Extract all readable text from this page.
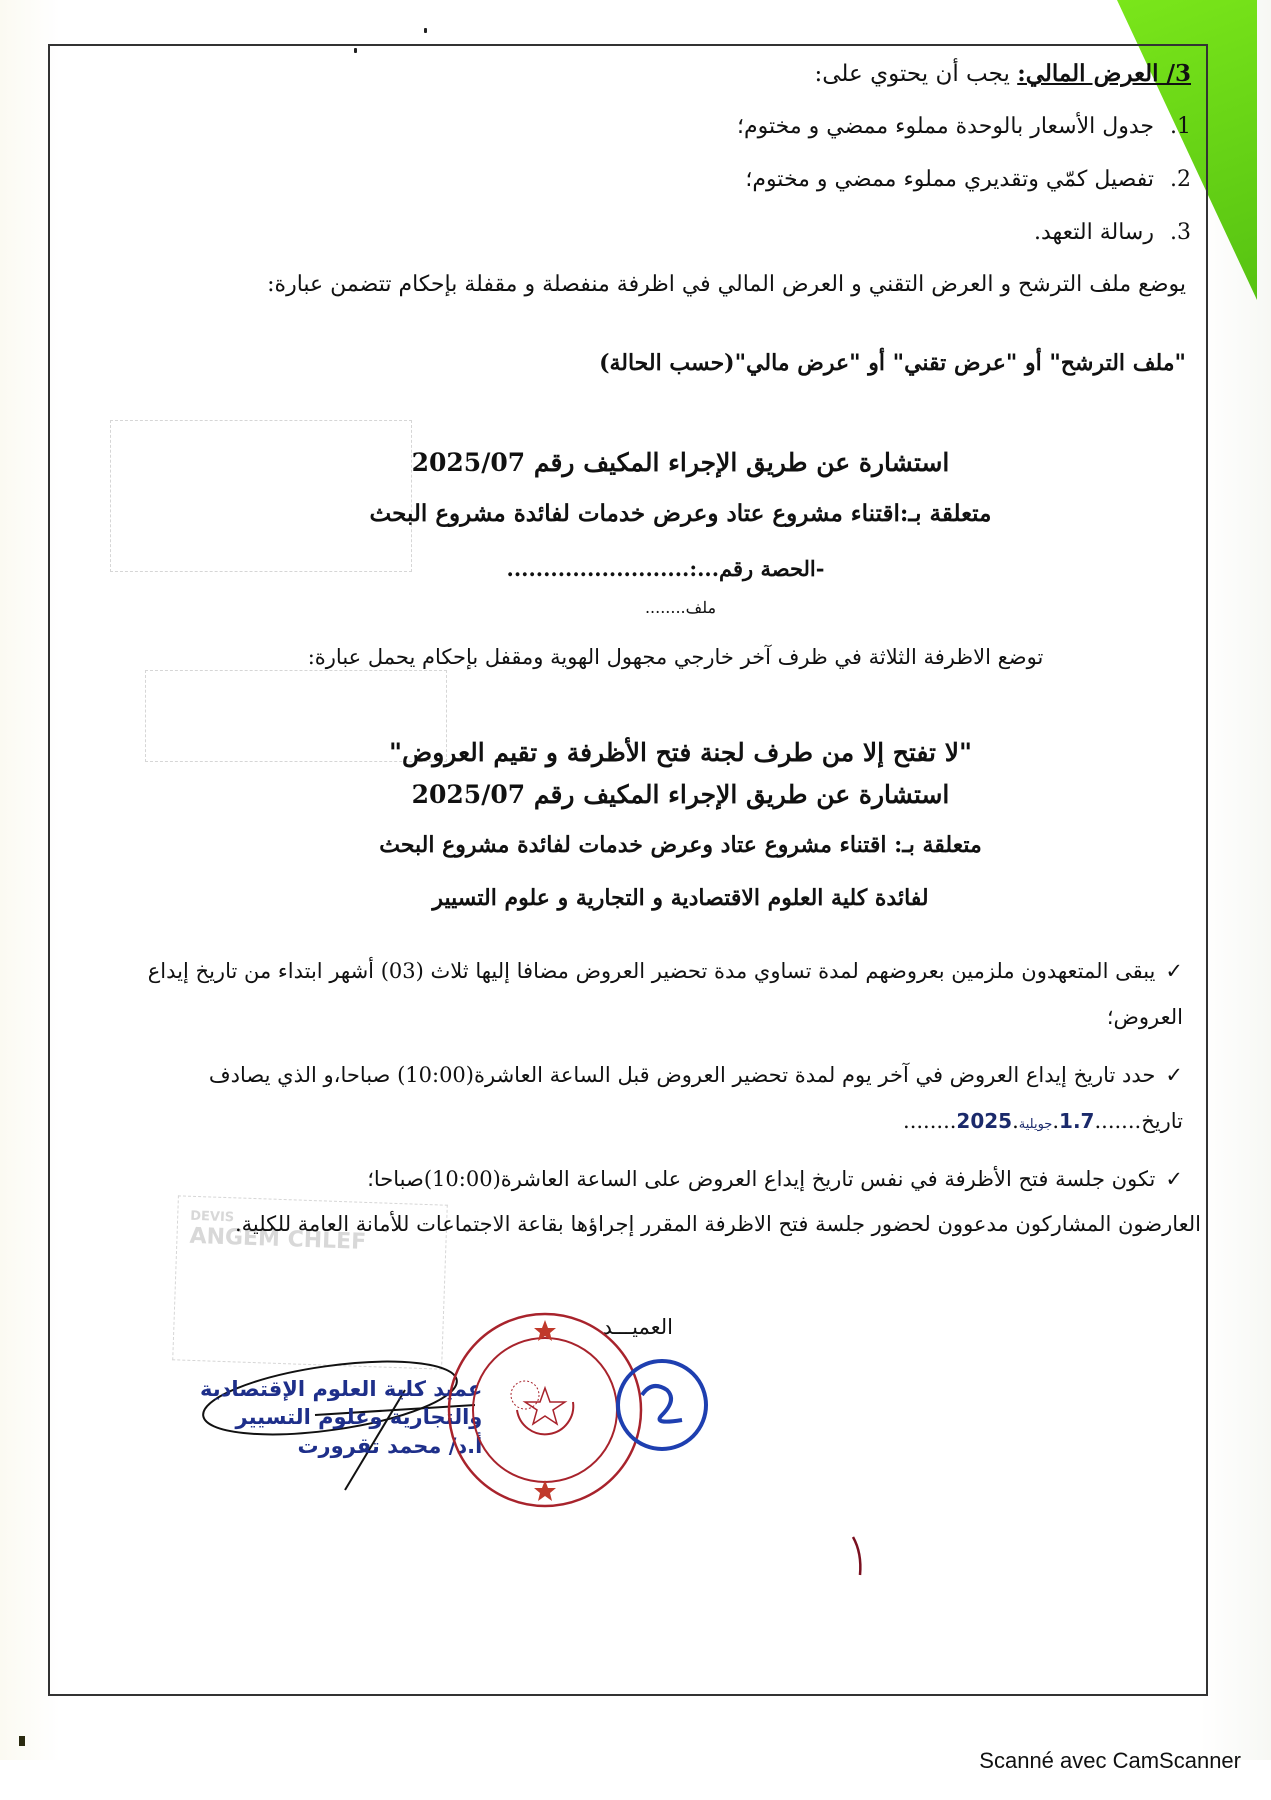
DEVIS
ANGEM CHLEF
3/ العرض المالي: يجب أن يحتوي على:
1.جدول الأسعار بالوحدة مملوء ممضي و مختوم؛
2.تفصيل كمّي وتقديري مملوء ممضي و مختوم؛
3.رسالة التعهد.
يوضع ملف الترشح و العرض التقني و العرض المالي في اظرفة منفصلة و مقفلة بإحكام تتضمن عبارة:
"ملف الترشح" أو "عرض تقني" أو "عرض مالي"(حسب الحالة)
استشارة عن طريق الإجراء المكيف رقم 2025/07
متعلقة بـ:اقتناء مشروع عتاد وعرض خدمات لفائدة مشروع البحث
-الحصة رقم...:.........................
ملف........
توضع الاظرفة الثلاثة في ظرف آخر خارجي مجهول الهوية ومقفل بإحكام يحمل عبارة:
"لا تفتح إلا من طرف لجنة فتح الأظرفة و تقيم العروض"
استشارة عن طريق الإجراء المكيف رقم 2025/07
متعلقة بـ: اقتناء مشروع عتاد وعرض خدمات لفائدة مشروع البحث
لفائدة كلية العلوم الاقتصادية و التجارية و علوم التسيير
✓يبقى المتعهدون ملزمين بعروضهم لمدة تساوي مدة تحضير العروض مضافا إليها ثلاث (03) أشهر ابتداء من تاريخ إيداع العروض؛
✓حدد تاريخ إيداع العروض في آخر يوم لمدة تحضير العروض قبل الساعة العاشرة(10:00) صباحا،و الذي يصادف تاريخ.......1.7.جويلية.2025........
✓تكون جلسة فتح الأظرفة في نفس تاريخ إيداع العروض على الساعة العاشرة(10:00)صباحا؛
العارضون المشاركون مدعوون لحضور جلسة فتح الاظرفة المقرر إجراؤها بقاعة الاجتماعات للأمانة العامة للكلية.
العميـــد
عميد كلية العلوم الإقتصادية
والتجارية وعلوم التسيير
أ.د/ محمد تقرورت
Scanné avec CamScanner
